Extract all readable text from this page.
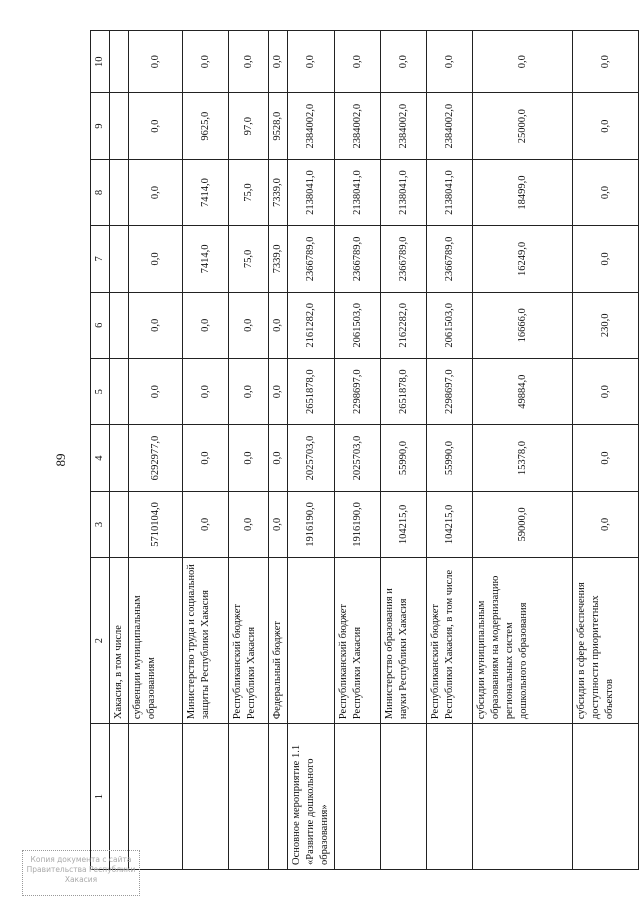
89
1	2	3	4	5	6	7	8	9	10
	Хакасия, в том числе								
	субвенции муниципальным образованиям	5710104,0	6292977,0	0,0	0,0	0,0	0,0	0,0	0,0
	Министерство труда и социальной защиты Республики Хакасия	0,0	0,0	0,0	0,0	7414,0	7414,0	9625,0	0,0
	Республиканский бюджет Республики Хакасия	0,0	0,0	0,0	0,0	75,0	75,0	97,0	0,0
	Федеральный бюджет	0,0	0,0	0,0	0,0	7339,0	7339,0	9528,0	0,0
Основное мероприятие 1.1 «Развитие дошкольного образования»		1916190,0	2025703,0	2651878,0	2161282,0	2366789,0	2138041,0	2384002,0	0,0
	Республиканский бюджет Республики Хакасия	1916190,0	2025703,0	2298697,0	2061503,0	2366789,0	2138041,0	2384002,0	0,0
	Министерство образования и науки Республики Хакасия	104215,0	55990,0	2651878,0	2162282,0	2366789,0	2138041,0	2384002,0	0,0
	Республиканский бюджет Республики Хакасия, в том числе	104215,0	55990,0	2298697,0	2061503,0	2366789,0	2138041,0	2384002,0	0,0
	субсидии муниципальным образованиям на модернизацию региональных систем дошкольного образования	59000,0	15378,0	49884,0	16666,0	16249,0	18499,0	25000,0	0,0
	субсидии в сфере обеспечения доступности приоритетных объектов	0,0	0,0	0,0	230,0	0,0	0,0	0,0	0,0
Копия документа с сайта Правительства Республики Хакасия
